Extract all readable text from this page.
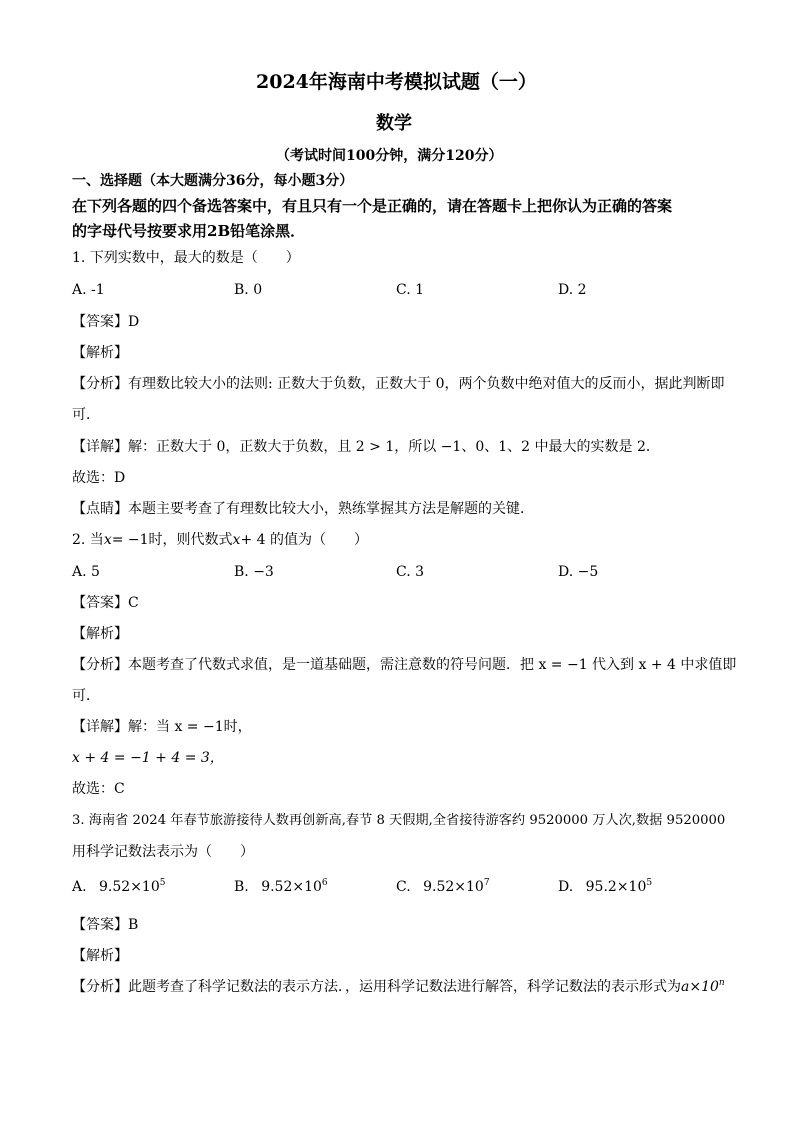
2024年海南中考模拟试题（一）
数学
（考试时间100分钟，满分120分）
一、选择题（本大题满分36分，每小题3分）
在下列各题的四个备选答案中，有且只有一个是正确的，请在答题卡上把你认为正确的答案
的字母代号按要求用2B铅笔涂黑．
1. 下列实数中，最大的数是（　　）
A. -1	B. 0	C. 1	D. 2
【答案】D
【解析】
【分析】有理数比较大小的法则: 正数大于负数，正数大于 0，两个负数中绝对值大的反而小，据此判断即
可．
【详解】解：正数大于 0，正数大于负数，且 2 > 1，所以 −1、0、1、2 中最大的实数是 2．
故选：D
【点睛】本题主要考查了有理数比较大小，熟练掌握其方法是解题的关键．
2. 当x= −1时，则代数式x+ 4 的值为（　　）
A. 5	B. −3	C. 3	D. −5
【答案】C
【解析】
【分析】本题考查了代数式求值，是一道基础题，需注意数的符号问题．把 x = −1 代入到 x + 4 中求值即
可．
【详解】解：当 x = −1时，
x + 4 = −1 + 4 = 3，
故选：C
3. 海南省 2024 年春节旅游接待人数再创新高,春节 8 天假期,全省接待游客约 9520000 万人次,数据 9520000
用科学记数法表示为（　　）
A. $9.52\times 10^5$	B. $9.52\times 10^6$	C. $9.52\times 10^7$	D. $95.2\times 10^5$
【答案】B
【解析】
【分析】此题考查了科学记数法的表示方法．，运用科学记数法进行解答，科学记数法的表示形式为$a\times 10^n$
